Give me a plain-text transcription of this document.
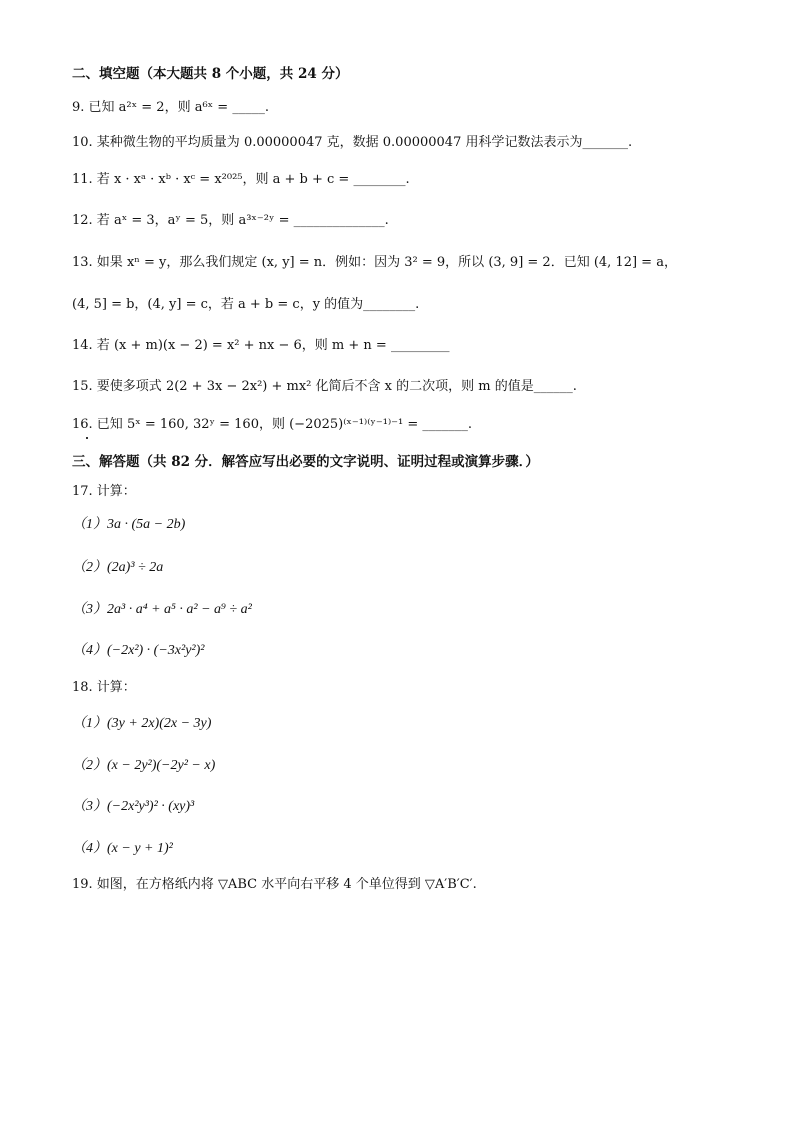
二、填空题（本大题共 8 个小题，共 24 分）
9. 已知 a²ˣ = 2，则 a⁶ˣ = _____.
10. 某种微生物的平均质量为 0.00000047 克，数据 0.00000047 用科学记数法表示为_______.
11. 若 x · xᵃ · xᵇ · xᶜ = x²⁰²⁵，则 a + b + c = ________.
12. 若 aˣ = 3，aʸ = 5，则 a³ˣ⁻²ʸ = ______________.
13. 如果 xⁿ = y，那么我们规定 (x, y] = n．例如：因为 3² = 9，所以 (3, 9] = 2．已知 (4, 12] = a，
(4, 5] = b，(4, y] = c，若 a + b = c，y 的值为________.
14. 若 (x + m)(x − 2) = x² + nx − 6，则 m + n = _________
15. 要使多项式 2(2 + 3x − 2x²) + mx² 化简后不含 x 的二次项，则 m 的值是______.
16. 已知 5ˣ = 160, 32ʸ = 160，则 (−2025)⁽ˣ⁻¹⁾⁽ʸ⁻¹⁾⁻¹ = _______.
三、解答题（共 82 分．解答应写出必要的文字说明、证明过程或演算步骤．）
17. 计算：
（1）3a · (5a − 2b)
（2）(2a)³ ÷ 2a
（3）2a³ · a⁴ + a⁵ · a² − a⁹ ÷ a²
（4）(−2x²) · (−3x²y²)²
18. 计算：
（1）(3y + 2x)(2x − 3y)
（2）(x − 2y²)(−2y² − x)
（3）(−2x²y³)² · (xy)³
（4）(x − y + 1)²
19. 如图，在方格纸内将 ▽ABC 水平向右平移 4 个单位得到 ▽A′B′C′.
